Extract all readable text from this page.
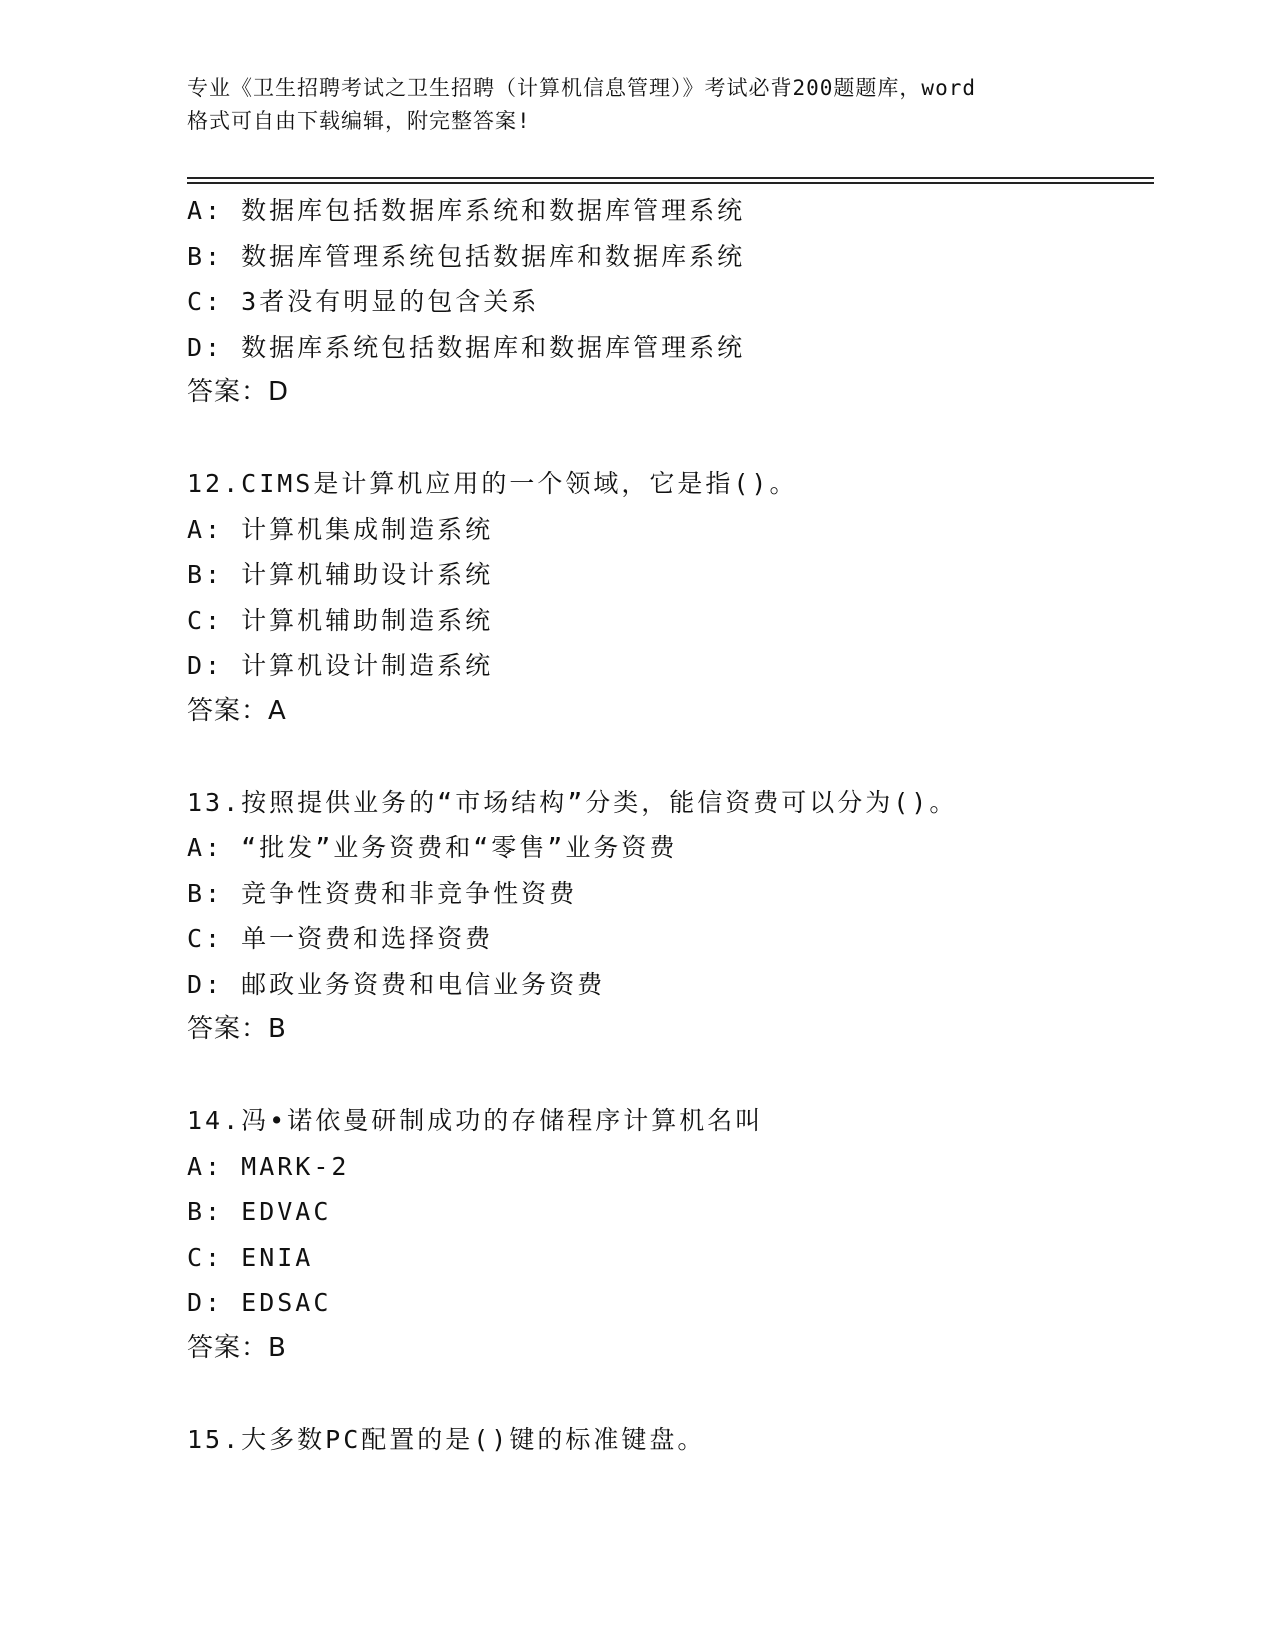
专业《卫生招聘考试之卫生招聘（计算机信息管理）》考试必背200题题库，word
格式可自由下载编辑，附完整答案!
A: 数据库包括数据库系统和数据库管理系统
B: 数据库管理系统包括数据库和数据库系统
C: 3者没有明显的包含关系
D: 数据库系统包括数据库和数据库管理系统
答案：D
12.CIMS是计算机应用的一个领域，它是指()。
A: 计算机集成制造系统
B: 计算机辅助设计系统
C: 计算机辅助制造系统
D: 计算机设计制造系统
答案：A
13.按照提供业务的“市场结构”分类，能信资费可以分为()。
A: “批发”业务资费和“零售”业务资费
B: 竞争性资费和非竞争性资费
C: 单一资费和选择资费
D: 邮政业务资费和电信业务资费
答案：B
14.冯•诺依曼研制成功的存储程序计算机名叫
A: MARK-2
B: EDVAC
C: ENIA
D: EDSAC
答案：B
15.大多数PC配置的是()键的标准键盘。
